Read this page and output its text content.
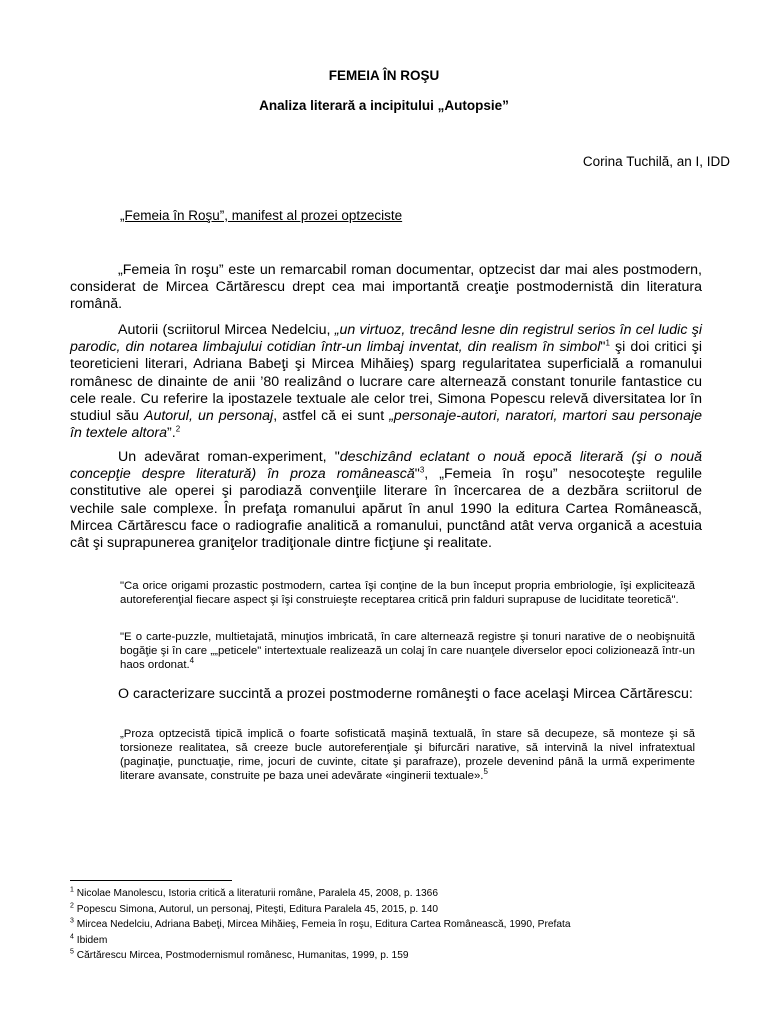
FEMEIA ÎN ROŞU
Analiza literară a incipitului „Autopsie”
Corina Tuchilă, an I, IDD
„Femeia în Roşu”, manifest al prozei optzeciste

„Femeia în roşu” este un remarcabil roman documentar, optzecist dar mai ales postmodern, considerat de Mircea Cărtărescu drept cea mai importantă creaţie postmodernistă din literatura română.

Autorii (scriitorul Mircea Nedelciu, „un virtuoz, trecând lesne din registrul serios în cel ludic şi parodic, din notarea limbajului cotidian într-un limbaj inventat, din realism în simbol"$^1$ şi doi critici şi teoreticieni literari, Adriana Babeţi şi Mircea Mihăieş) sparg regularitatea superficială a romanului românesc de dinainte de anii ’80 realizând o lucrare care alternează constant tonurile fantastice cu cele reale. Cu referire la ipostazele textuale ale celor trei, Simona Popescu relevă diversitatea lor în studiul său Autorul, un personaj, astfel că ei sunt „personaje-autori, naratori, martori sau personaje în textele altora”.$^2$

Un adevărat roman-experiment, "deschizând eclatant o nouă epocă literară (şi o nouă concepţie despre literatură) în proza românească"$^3$, „Femeia în roşu” nesocoteşte regulile constitutive ale operei şi parodiază convenţiile literare în încercarea de a dezbăra scriitorul de vechile sale complexe. În prefaţa romanului apărut în anul 1990 la editura Cartea Românească, Mircea Cărtărescu face o radiografie analitică a romanului, punctând atât verva organică a acestuia cât şi suprapunerea graniţelor tradiţionale dintre ficţiune şi realitate.

"Ca orice origami prozastic postmodern, cartea îşi conţine de la bun început propria embriologie, îşi explicitează autoreferenţial fiecare aspect şi îşi construieşte receptarea critică prin falduri suprapuse de luciditate teoretică".

"E o carte-puzzle, multietajată, minuţios imbricată, în care alternează registre şi tonuri narative de o neobişnuită bogăţie şi în care „„peticele" intertextuale realizează un colaj în care nuanţele diverselor epoci colizionează într-un haos ordonat.$^4$

O caracterizare succintă a prozei postmoderne româneşti o face acelaşi Mircea Cărtărescu:

„Proza optzecistă tipică implică o foarte sofisticată maşină textuală, în stare să decupeze, să monteze şi să torsioneze realitatea, să creeze bucle autoreferenţiale şi bifurcări narative, să intervină la nivel infratextual (paginaţie, punctuaţie, rime, jocuri de cuvinte, citate şi parafraze), prozele devenind până la urmă experimente literare avansate, construite pe baza unei adevărate «inginerii textuale».$^5$

$^1$ Nicolae Manolescu, Istoria critică a literaturii române, Paralela 45, 2008, p. 1366
$^2$ Popescu Simona, Autorul, un personaj, Piteşti, Editura Paralela 45, 2015, p. 140
$^3$ Mircea Nedelciu, Adriana Babeţi, Mircea Mihăieş, Femeia în roşu, Editura Cartea Românească, 1990, Prefata
$^4$ Ibidem
$^5$ Cărtărescu Mircea, Postmodernismul românesc, Humanitas, 1999, p. 159
